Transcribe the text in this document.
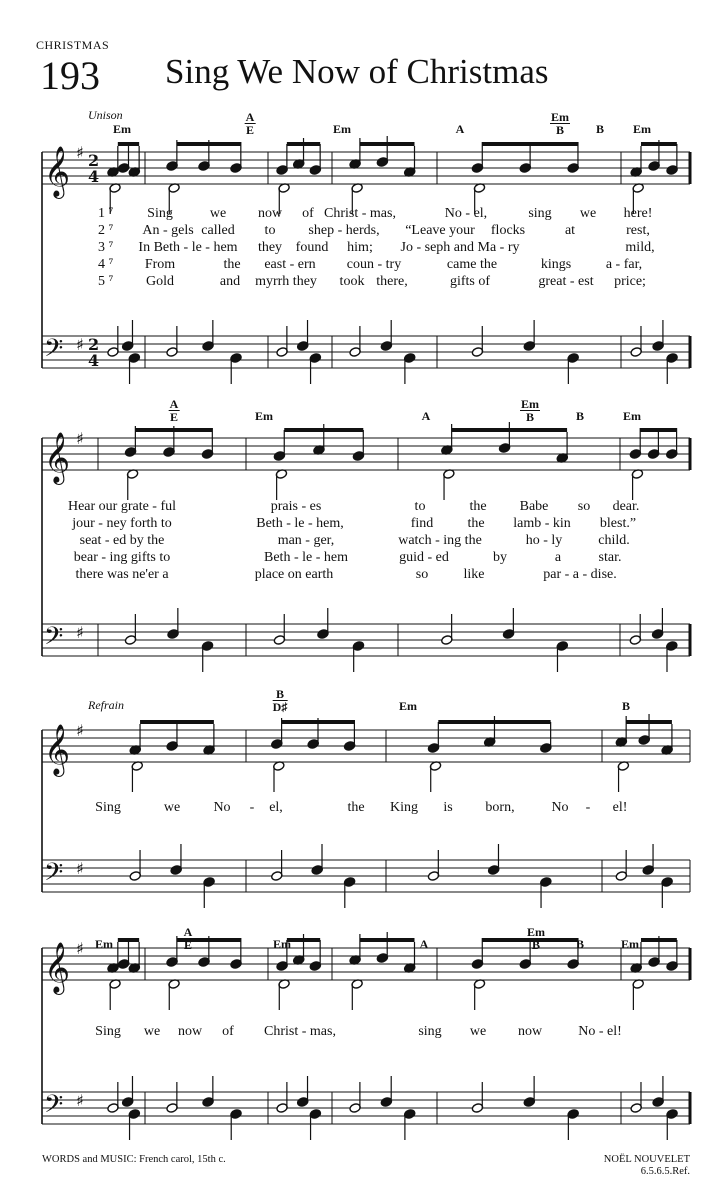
CHRISTMAS
193 Sing We Now of Christmas
𝄞
𝄢
♯
♯
2
4
2
4
𝄞
𝄢
♯
♯
𝄞
𝄢
♯
♯
𝄞
𝄢
♯
♯
Em
A
E	Em	A
Em
B	B Em
Unison
A
E	Em	A
Em
B	B	Em
B
D♯	Em	B
Refrain
Em
A
E	Em	A
Em
B	B	Em
1 ⁷
2 ⁷
3 ⁷
4 ⁷
5 ⁷
Sing	we now of Christ - mas,	No - el,	sing we here!
An - gels called to shep - herds, “Leave your flocks	at	rest,
In Beth - le - hem they found him; Jo - seph and Ma - ry	mild,
From	the east - ern coun - try	came the	kings a - far,
Gold	and myrrh they took there,	gifts of	great - est price;
Hear our grate - ful	prais - es	to	the Babe so dear.
jour - ney forth to	Beth - le - hem,	find the lamb - kin blest.”
seat - ed by the	man - ger,	watch - ing the	ho - ly	child.
bear - ing gifts to	Beth - le - hem	guid - ed	by	a	star.
there was ne'er a	place on earth	so	like	par - a - dise.
Sing	we No - el,	the King is born,	No - el!
Sing we now of Christ - mas,	sing we now	No - el!
WORDS and MUSIC: French carol, 15th c.	NOËL NOUVELET
6.5.6.5.Ref.
